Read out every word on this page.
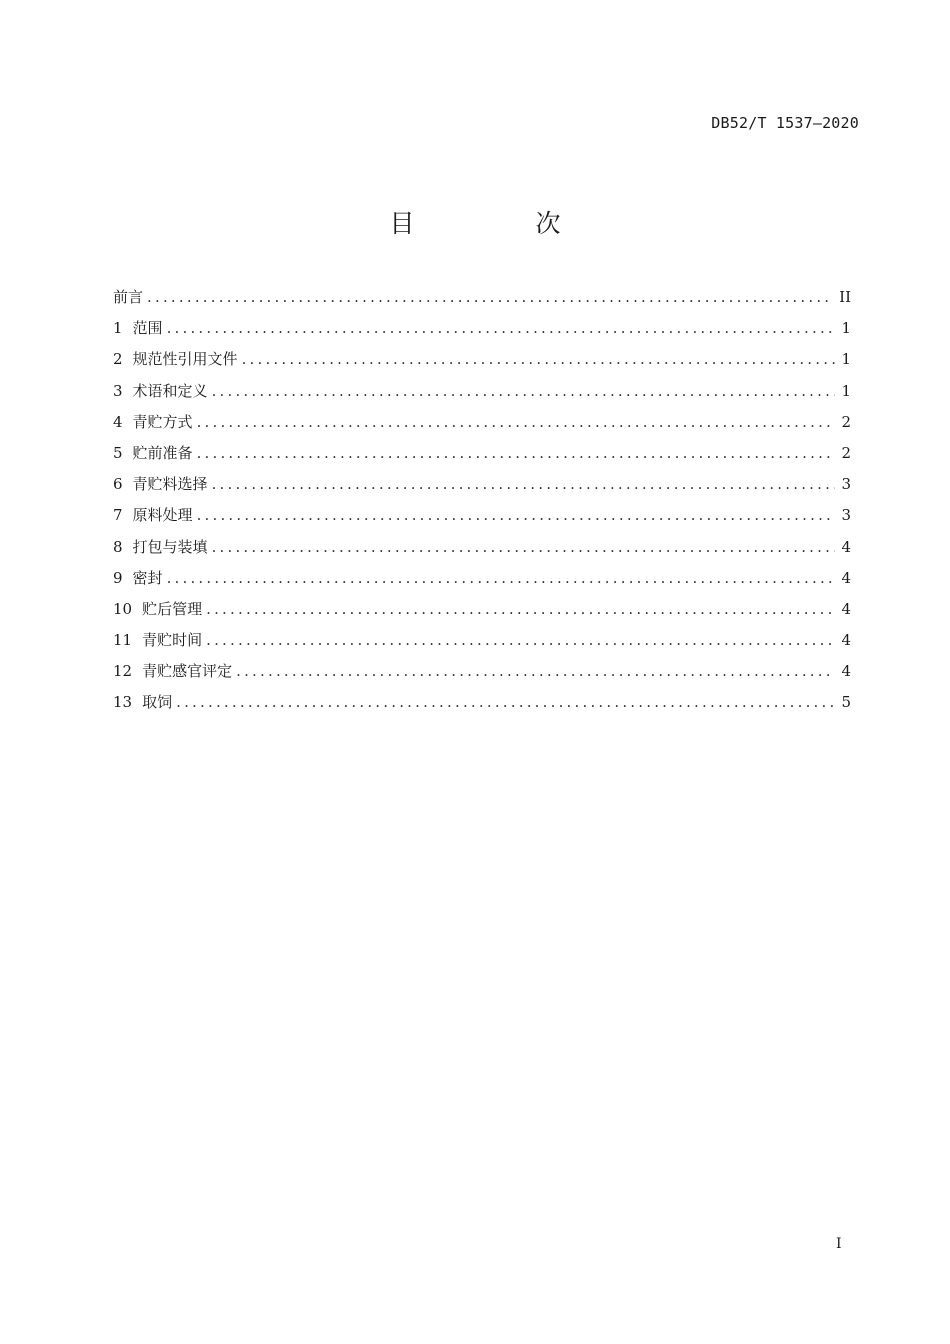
DB52/T 1537—2020
目　次
前言 .....	II
1 范围 .....	1
2 规范性引用文件 .....	1
3 术语和定义 .....	1
4 青贮方式 .....	2
5 贮前准备 .....	2
6 青贮料选择 .....	3
7 原料处理 .....	3
8 打包与装填 .....	4
9 密封 .....	4
10 贮后管理 .....	4
11 青贮时间 .....	4
12 青贮感官评定 .....	4
13 取饲 .....	5
I
